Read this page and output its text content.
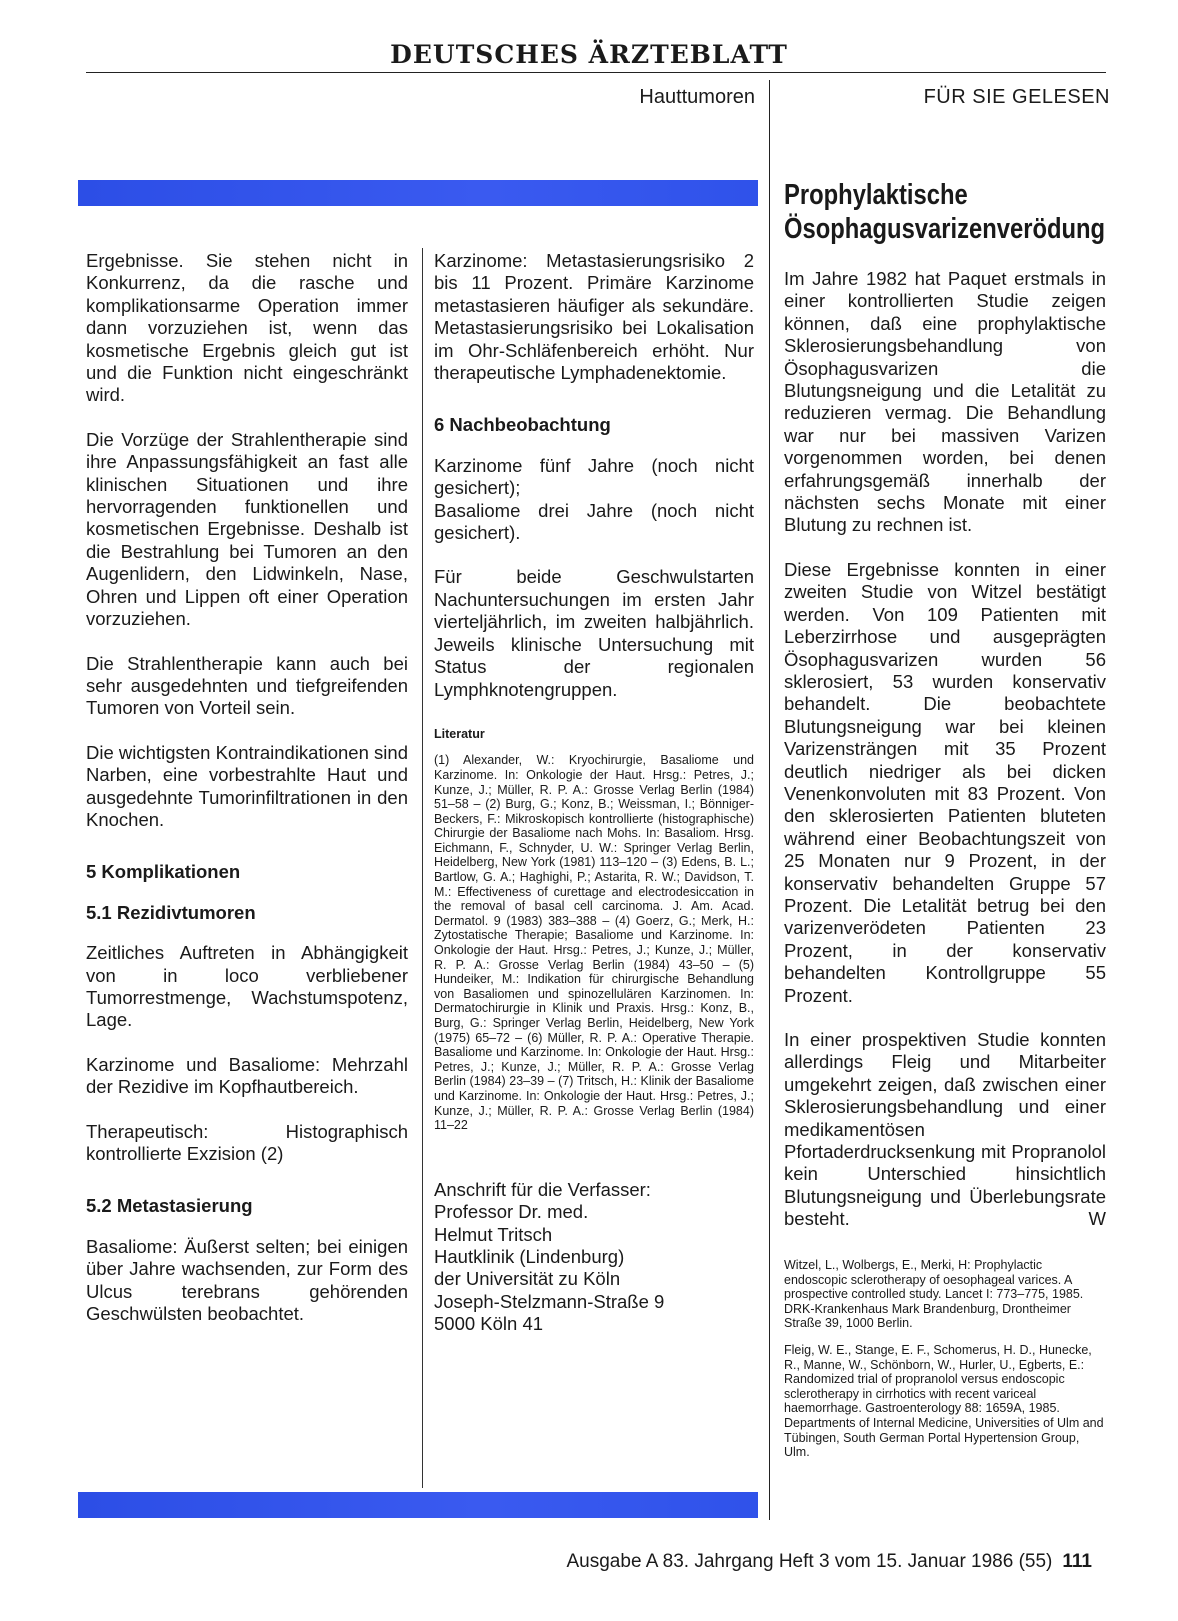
DEUTSCHES ÄRZTEBLATT
Hauttumoren	FÜR SIE GELESEN

Ergebnisse. Sie stehen nicht in Konkurrenz, da die rasche und komplikationsarme Operation immer dann vorzuziehen ist, wenn das kosmetische Ergebnis gleich gut ist und die Funktion nicht eingeschränkt wird.

Die Vorzüge der Strahlentherapie sind ihre Anpassungsfähigkeit an fast alle klinischen Situationen und ihre hervorragenden funktionellen und kosmetischen Ergebnisse. Deshalb ist die Bestrahlung bei Tumoren an den Augenlidern, den Lidwinkeln, Nase, Ohren und Lippen oft einer Operation vorzuziehen.

Die Strahlentherapie kann auch bei sehr ausgedehnten und tiefgreifenden Tumoren von Vorteil sein.

Die wichtigsten Kontraindikationen sind Narben, eine vorbestrahlte Haut und ausgedehnte Tumorinfiltrationen in den Knochen.

5 Komplikationen
5.1 Rezidivtumoren

Zeitliches Auftreten in Abhängigkeit von in loco verbliebener Tumorrestmenge, Wachstumspotenz, Lage.

Karzinome und Basaliome: Mehrzahl der Rezidive im Kopfhautbereich.

Therapeutisch: Histographisch kontrollierte Exzision (2)

5.2 Metastasierung

Basaliome: Äußerst selten; bei einigen über Jahre wachsenden, zur Form des Ulcus terebrans gehörenden Geschwülsten beobachtet.

Karzinome: Metastasierungsrisiko 2 bis 11 Prozent. Primäre Karzinome metastasieren häufiger als sekundäre. Metastasierungsrisiko bei Lokalisation im Ohr-Schläfenbereich erhöht. Nur therapeutische Lymphadenektomie.

6 Nachbeobachtung

Karzinome fünf Jahre (noch nicht gesichert);

Basaliome drei Jahre (noch nicht gesichert).

Für beide Geschwulstarten Nachuntersuchungen im ersten Jahr vierteljährlich, im zweiten halbjährlich. Jeweils klinische Untersuchung mit Status der regionalen Lymphknotengruppen.

Literatur

(1) Alexander, W.: Kryochirurgie, Basaliome und Karzinome. In: Onkologie der Haut. Hrsg.: Petres, J.; Kunze, J.; Müller, R. P. A.: Grosse Verlag Berlin (1984) 51–58 – (2) Burg, G.; Konz, B.; Weissman, I.; Bönniger-Beckers, F.: Mikroskopisch kontrollierte (histographische) Chirurgie der Basaliome nach Mohs. In: Basaliom. Hrsg. Eichmann, F., Schnyder, U. W.: Springer Verlag Berlin, Heidelberg, New York (1981) 113–120 – (3) Edens, B. L.; Bartlow, G. A.; Haghighi, P.; Astarita, R. W.; Davidson, T. M.: Effectiveness of curettage and electrodesiccation in the removal of basal cell carcinoma. J. Am. Acad. Dermatol. 9 (1983) 383–388 – (4) Goerz, G.; Merk, H.: Zytostatische Therapie; Basaliome und Karzinome. In: Onkologie der Haut. Hrsg.: Petres, J.; Kunze, J.; Müller, R. P. A.: Grosse Verlag Berlin (1984) 43–50 – (5) Hundeiker, M.: Indikation für chirurgische Behandlung von Basaliomen und spinozellulären Karzinomen. In: Dermatochirurgie in Klinik und Praxis. Hrsg.: Konz, B., Burg, G.: Springer Verlag Berlin, Heidelberg, New York (1975) 65–72 – (6) Müller, R. P. A.: Operative Therapie. Basaliome und Karzinome. In: Onkologie der Haut. Hrsg.: Petres, J.; Kunze, J.; Müller, R. P. A.: Grosse Verlag Berlin (1984) 23–39 – (7) Tritsch, H.: Klinik der Basaliome und Karzinome. In: Onkologie der Haut. Hrsg.: Petres, J.; Kunze, J.; Müller, R. P. A.: Grosse Verlag Berlin (1984) 11–22

Anschrift für die Verfasser:
Professor Dr. med.
Helmut Tritsch
Hautklinik (Lindenburg)
der Universität zu Köln
Joseph-Stelzmann-Straße 9
5000 Köln 41
Prophylaktische Ösophagusvarizenverödung

Im Jahre 1982 hat Paquet erstmals in einer kontrollierten Studie zeigen können, daß eine prophylaktische Sklerosierungsbehandlung von Ösophagusvarizen die Blutungsneigung und die Letalität zu reduzieren vermag. Die Behandlung war nur bei massiven Varizen vorgenommen worden, bei denen erfahrungsgemäß innerhalb der nächsten sechs Monate mit einer Blutung zu rechnen ist.

Diese Ergebnisse konnten in einer zweiten Studie von Witzel bestätigt werden. Von 109 Patienten mit Leberzirrhose und ausgeprägten Ösophagusvarizen wurden 56 sklerosiert, 53 wurden konservativ behandelt. Die beobachtete Blutungsneigung war bei kleinen Varizensträngen mit 35 Prozent deutlich niedriger als bei dicken Venenkonvoluten mit 83 Prozent. Von den sklerosierten Patienten bluteten während einer Beobachtungszeit von 25 Monaten nur 9 Prozent, in der konservativ behandelten Gruppe 57 Prozent. Die Letalität betrug bei den varizenverödeten Patienten 23 Prozent, in der konservativ behandelten Kontrollgruppe 55 Prozent.

In einer prospektiven Studie konnten allerdings Fleig und Mitarbeiter umgekehrt zeigen, daß zwischen einer Sklerosierungsbehandlung und einer medikamentösen Pfortaderdrucksenkung mit Propranolol kein Unterschied hinsichtlich Blutungsneigung und Überlebungsrate besteht.	W

Witzel, L., Wolbergs, E., Merki, H: Prophylactic endoscopic sclerotherapy of oesophageal varices. A prospective controlled study. Lancet I: 773–775, 1985.

DRK-Krankenhaus Mark Brandenburg, Drontheimer Straße 39, 1000 Berlin.

Fleig, W. E., Stange, E. F., Schomerus, H. D., Hunecke, R., Manne, W., Schönborn, W., Hurler, U., Egberts, E.: Randomized trial of propranolol versus endoscopic sclerotherapy in cirrhotics with recent variceal haemorrhage. Gastroenterology 88: 1659A, 1985.

Departments of Internal Medicine, Universities of Ulm and Tübingen, South German Portal Hypertension Group, Ulm.

Ausgabe A 83. Jahrgang Heft 3 vom 15. Januar 1986 (55) 111
